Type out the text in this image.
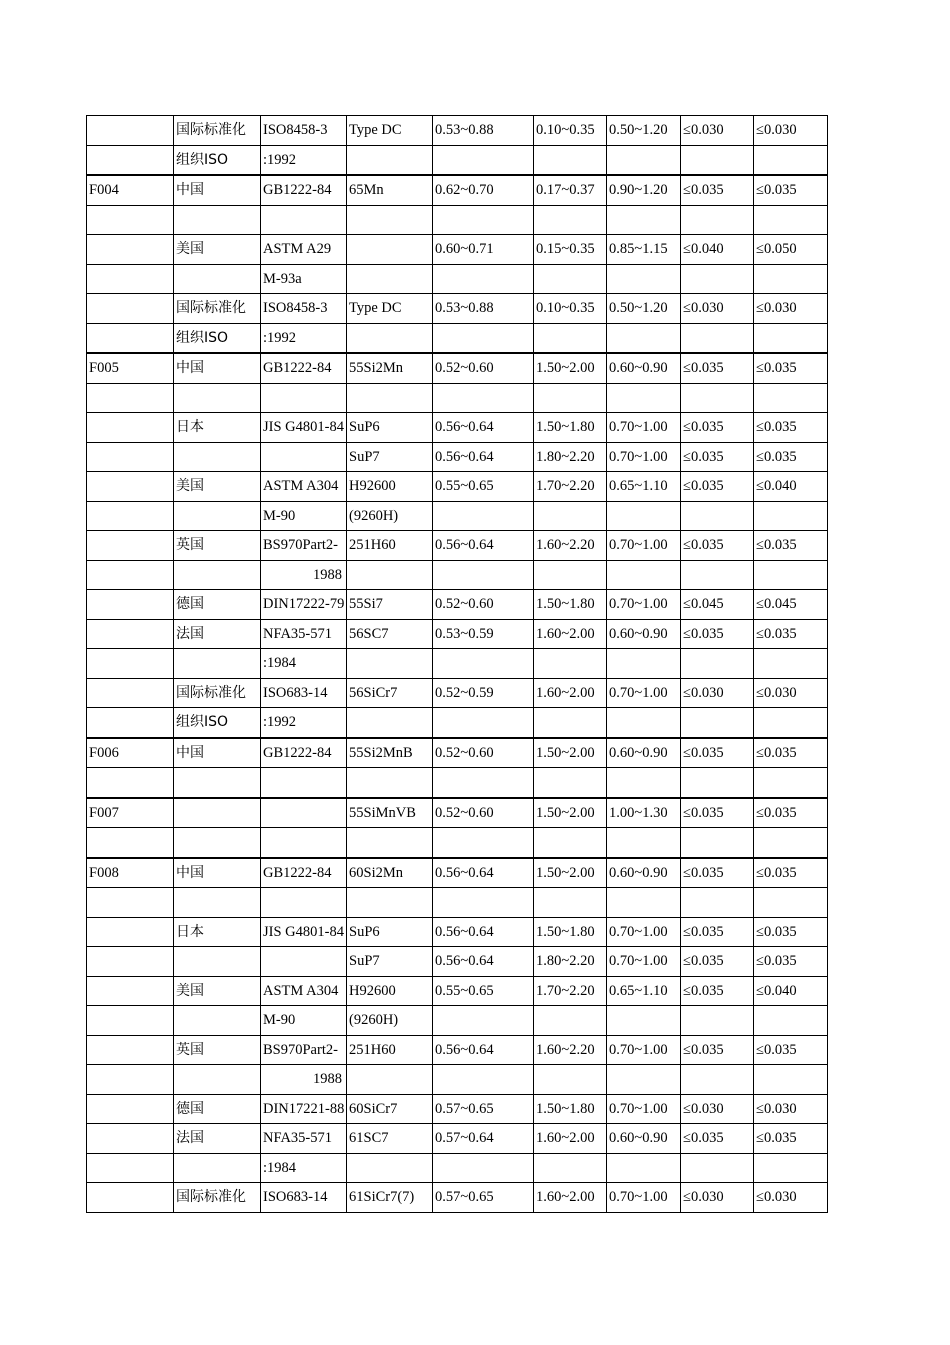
	国际标准化	ISO8458-3	Type DC	0.53~0.88	0.10~0.35	0.50~1.20	≤0.030	≤0.030
	组织ISO	:1992						
F004	中国	GB1222-84	65Mn	0.62~0.70	0.17~0.37	0.90~1.20	≤0.035	≤0.035

	美国	ASTM A29		0.60~0.71	0.15~0.35	0.85~1.15	≤0.040	≤0.050
		M-93a						
	国际标准化	ISO8458-3	Type DC	0.53~0.88	0.10~0.35	0.50~1.20	≤0.030	≤0.030
	组织ISO	:1992						
F005	中国	GB1222-84	55Si2Mn	0.52~0.60	1.50~2.00	0.60~0.90	≤0.035	≤0.035

	日本	JIS G4801-84	SuP6	0.56~0.64	1.50~1.80	0.70~1.00	≤0.035	≤0.035
			SuP7	0.56~0.64	1.80~2.20	0.70~1.00	≤0.035	≤0.035
	美国	ASTM A304	H92600	0.55~0.65	1.70~2.20	0.65~1.10	≤0.035	≤0.040
		M-90	(9260H)					
	英国	BS970Part2-	251H60	0.56~0.64	1.60~2.20	0.70~1.00	≤0.035	≤0.035
		1988						
	德国	DIN17222-79	55Si7	0.52~0.60	1.50~1.80	0.70~1.00	≤0.045	≤0.045
	法国	NFA35-571	56SC7	0.53~0.59	1.60~2.00	0.60~0.90	≤0.035	≤0.035
		:1984						
	国际标准化	ISO683-14	56SiCr7	0.52~0.59	1.60~2.00	0.70~1.00	≤0.030	≤0.030
	组织ISO	:1992						
F006	中国	GB1222-84	55Si2MnB	0.52~0.60	1.50~2.00	0.60~0.90	≤0.035	≤0.035

F007			55SiMnVB	0.52~0.60	1.50~2.00	1.00~1.30	≤0.035	≤0.035

F008	中国	GB1222-84	60Si2Mn	0.56~0.64	1.50~2.00	0.60~0.90	≤0.035	≤0.035

	日本	JIS G4801-84	SuP6	0.56~0.64	1.50~1.80	0.70~1.00	≤0.035	≤0.035
			SuP7	0.56~0.64	1.80~2.20	0.70~1.00	≤0.035	≤0.035
	美国	ASTM A304	H92600	0.55~0.65	1.70~2.20	0.65~1.10	≤0.035	≤0.040
		M-90	(9260H)					
	英国	BS970Part2-	251H60	0.56~0.64	1.60~2.20	0.70~1.00	≤0.035	≤0.035
		1988						
	德国	DIN17221-88	60SiCr7	0.57~0.65	1.50~1.80	0.70~1.00	≤0.030	≤0.030
	法国	NFA35-571	61SC7	0.57~0.64	1.60~2.00	0.60~0.90	≤0.035	≤0.035
		:1984						
	国际标准化	ISO683-14	61SiCr7(7)	0.57~0.65	1.60~2.00	0.70~1.00	≤0.030	≤0.030
